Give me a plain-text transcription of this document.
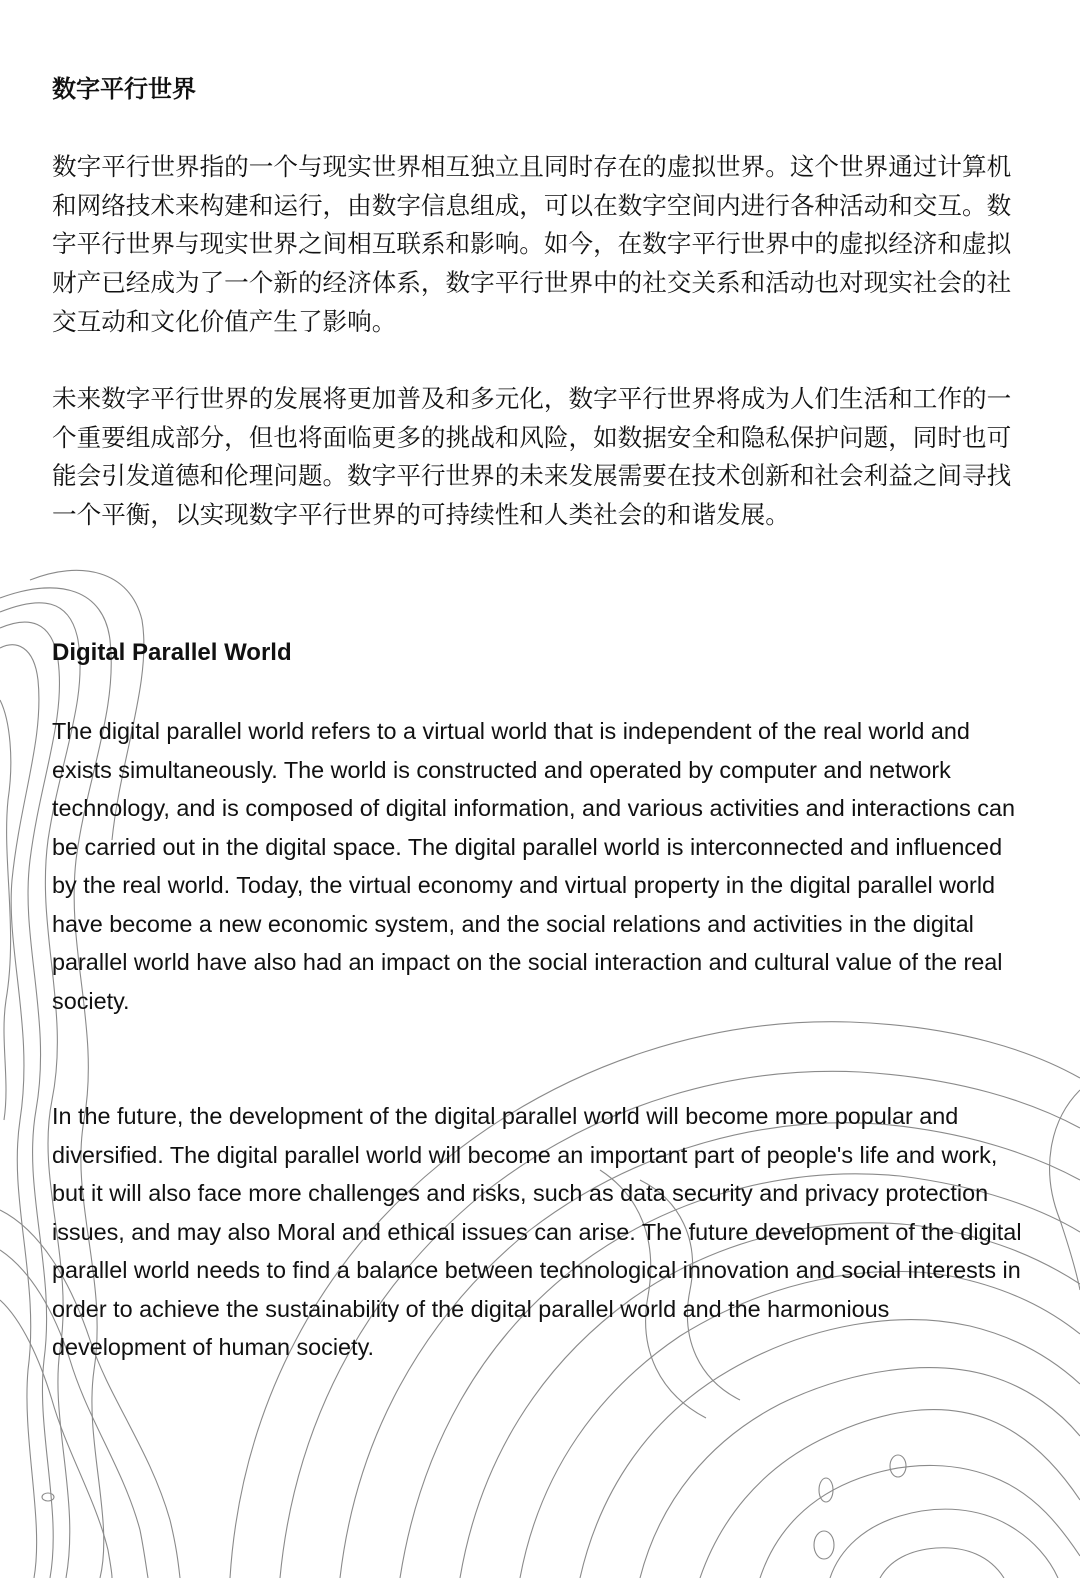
数字平行世界

数字平行世界指的一个与现实世界相互独立且同时存在的虚拟世界。这个世界通过计算机和网络技术来构建和运行，由数字信息组成，可以在数字空间内进行各种活动和交互。数字平行世界与现实世界之间相互联系和影响。如今，在数字平行世界中的虚拟经济和虚拟财产已经成为了一个新的经济体系，数字平行世界中的社交关系和活动也对现实社会的社交互动和文化价值产生了影响。

未来数字平行世界的发展将更加普及和多元化，数字平行世界将成为人们生活和工作的一个重要组成部分，但也将面临更多的挑战和风险，如数据安全和隐私保护问题，同时也可能会引发道德和伦理问题。数字平行世界的未来发展需要在技术创新和社会利益之间寻找一个平衡，以实现数字平行世界的可持续性和人类社会的和谐发展。

Digital Parallel World

The digital parallel world refers to a virtual world that is independent of the real world and exists simultaneously. The world is constructed and operated by computer and network technology, and is composed of digital information, and various activities and interactions can be carried out in the digital space. The digital parallel world is interconnected and influenced by the real world. Today, the virtual economy and virtual property in the digital parallel world have become a new economic system, and the social relations and activities in the digital parallel world have also had an impact on the social interaction and cultural value of the real society.

In the future, the development of the digital parallel world will become more popular and diversified. The digital parallel world will become an important part of people's life and work, but it will also face more challenges and risks, such as data security and privacy protection issues, and may also Moral and ethical issues can arise. The future development of the digital parallel world needs to find a balance between technological innovation and social interests in order to achieve the sustainability of the digital parallel world and the harmonious development of human society.
